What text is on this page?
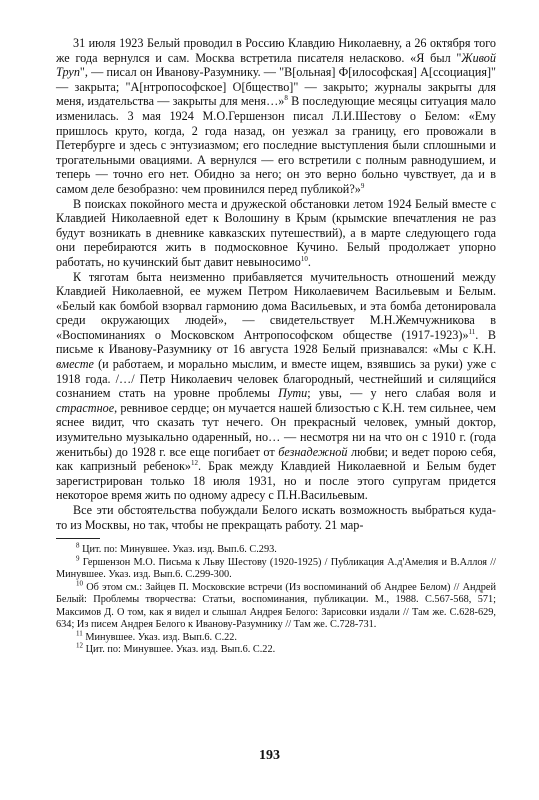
31 июля 1923 Белый проводил в Россию Клавдию Николаевну, а 26 октября того же года вернулся и сам. Москва встретила писателя неласково. «Я был "Живой Труп", — писал он Иванову-Разумнику. — "В[ольная] Ф[илософская] А[ссоциация]" — закрыта; "А[нтропософское] О[бщество]" — закрыто; журналы закрыты для меня, издательства — закрыты для меня…»$^8$ В последующие месяцы ситуация мало изменилась. 3 мая 1924 М.О.Гершензон писал Л.И.Шестову о Белом: «Ему пришлось круто, когда, 2 года назад, он уезжал за границу, его провожали в Петербурге и здесь с энтузиазмом; его последние выступления были сплошными и трогательными овациями. А вернулся — его встретили с полным равнодушием, и теперь — точно его нет. Обидно за него; он это верно больно чувствует, да и в самом деле безобразно: чем провинился перед публикой?»$^9$

В поисках покойного места и дружеской обстановки летом 1924 Белый вместе с Клавдией Николаевной едет к Волошину в Крым (крымские впечатления не раз будут возникать в дневнике кавказских путешествий), а в марте следующего года они перебираются жить в подмосковное Кучино. Белый продолжает упорно работать, но кучинский быт давит невыносимо$^{10}$.

К тяготам быта неизменно прибавляется мучительность отношений между Клавдией Николаевной, ее мужем Петром Николаевичем Васильевым и Белым. «Белый как бомбой взорвал гармонию дома Васильевых, и эта бомба детонировала среди окружающих людей», — свидетельствует М.Н.Жемчужникова в «Воспоминаниях о Московском Антропософском обществе (1917-1923)»$^{11}$. В письме к Иванову-Разумнику от 16 августа 1928 Белый признавался: «Мы с К.Н. вместе (и работаем, и морально мыслим, и вместе ищем, взявшись за руки) уже с 1918 года. /…/ Петр Николаевич человек благородный, честнейший и силящийся сознанием стать на уровне проблемы Пути; увы, — у него слабая воля и страстное, ревнивое сердце; он мучается нашей близостью с К.Н. тем сильнее, чем яснее видит, что сказать тут нечего. Он прекрасный человек, умный доктор, изумительно музыкально одаренный, но… — несмотря ни на что он с 1910 г. (года женитьбы) до 1928 г. все еще погибает от безнадежной любви; и ведет порою себя, как капризный ребенок»$^{12}$. Брак между Клавдией Николаевной и Белым будет зарегистрирован только 18 июля 1931, но и после этого супругам придется некоторое время жить по одному адресу с П.Н.Васильевым.

Все эти обстоятельства побуждали Белого искать возможность выбраться куда-то из Москвы, но так, чтобы не прекращать работу. 21 мар-

$^8$ Цит. по: Минувшее. Указ. изд. Вып.6. С.293.

$^9$ Гершензон М.О. Письма к Льву Шестову (1920-1925) / Публикация А.д'Амелия и В.Аллоя // Минувшее. Указ. изд. Вып.6. С.299-300.

$^{10}$ Об этом см.: Зайцев П. Московские встречи (Из воспоминаний об Андрее Белом) // Андрей Белый: Проблемы творчества: Статьи, воспоминания, публикации. М., 1988. С.567-568, 571; Максимов Д. О том, как я видел и слышал Андрея Белого: Зарисовки издали // Там же. С.628-629, 634; Из писем Андрея Белого к Иванову-Разумнику // Там же. С.728-731.

$^{11}$ Минувшее. Указ. изд. Вып.6. С.22.

$^{12}$ Цит. по: Минувшее. Указ. изд. Вып.6. С.22.

193
